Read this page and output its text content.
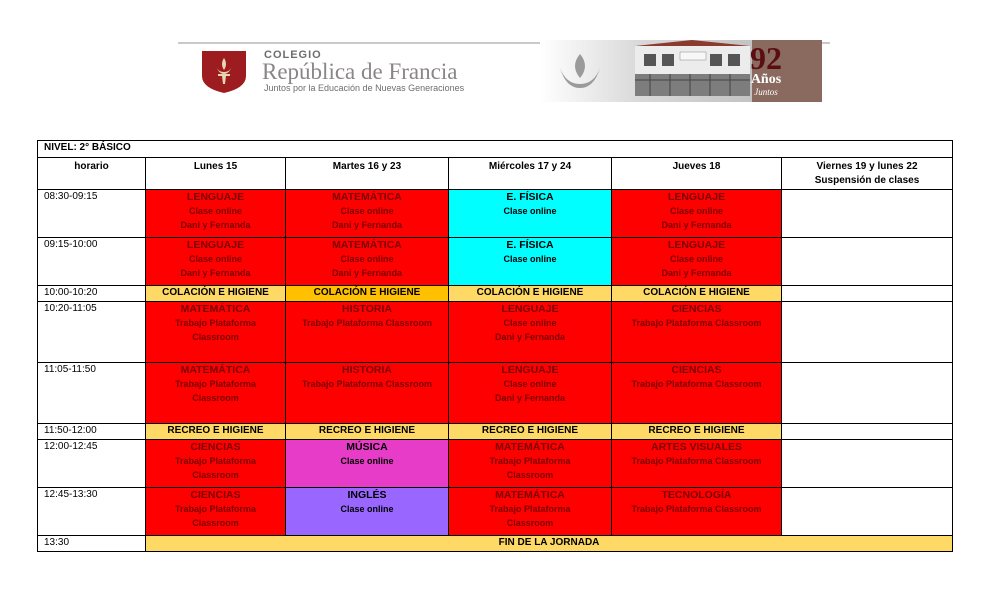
COLEGIO
República de Francia
Juntos por la Educación de Nuevas Generaciones
92
Años
Juntos
NIVEL: 2° BÁSICO					
horario	Lunes 15	Martes 16 y 23	Miércoles 17 y 24	Jueves 18	Viernes 19 y lunes 22
Suspensión de clases

08:30-09:15	LENGUAJE
Clase online
Dani y Fernanda	MATEMÁTICA
Clase online
Dani y Fernanda	E. FÍSICA
Clase online	LENGUAJE
Clase online
Dani y Fernanda	

09:15-10:00	LENGUAJE
Clase online
Dani y Fernanda	MATEMÁTICA
Clase online
Dani y Fernanda	E. FÍSICA
Clase online	LENGUAJE
Clase online
Dani y Fernanda	

10:00-10:20	COLACIÓN E HIGIENE	COLACIÓN E HIGIENE	COLACIÓN E HIGIENE	COLACIÓN E HIGIENE	
10:20-11:05	MATEMÁTICA
Trabajo Plataforma
Classroom	HISTORIA
Trabajo Plataforma Classroom	LENGUAJE
Clase online
Dani y Fernanda	CIENCIAS
Trabajo Plataforma Classroom	

11:05-11:50	MATEMÁTICA
Trabajo Plataforma
Classroom	HISTORIA
Trabajo Plataforma Classroom	LENGUAJE
Clase online
Dani y Fernanda	CIENCIAS
Trabajo Plataforma Classroom	

11:50-12:00	RECREO E HIGIENE	RECREO E HIGIENE	RECREO E HIGIENE	RECREO E HIGIENE	
12:00-12:45	CIENCIAS
Trabajo Plataforma
Classroom	MÚSICA
Clase online	MATEMÁTICA
Trabajo Plataforma
Classroom	ARTES VISUALES
Trabajo Plataforma Classroom	

12:45-13:30	CIENCIAS
Trabajo Plataforma
Classroom	INGLÉS
Clase online	MATEMÁTICA
Trabajo Plataforma
Classroom	TECNOLOGÍA
Trabajo Plataforma Classroom	

13:30	FIN DE LA JORNADA				
